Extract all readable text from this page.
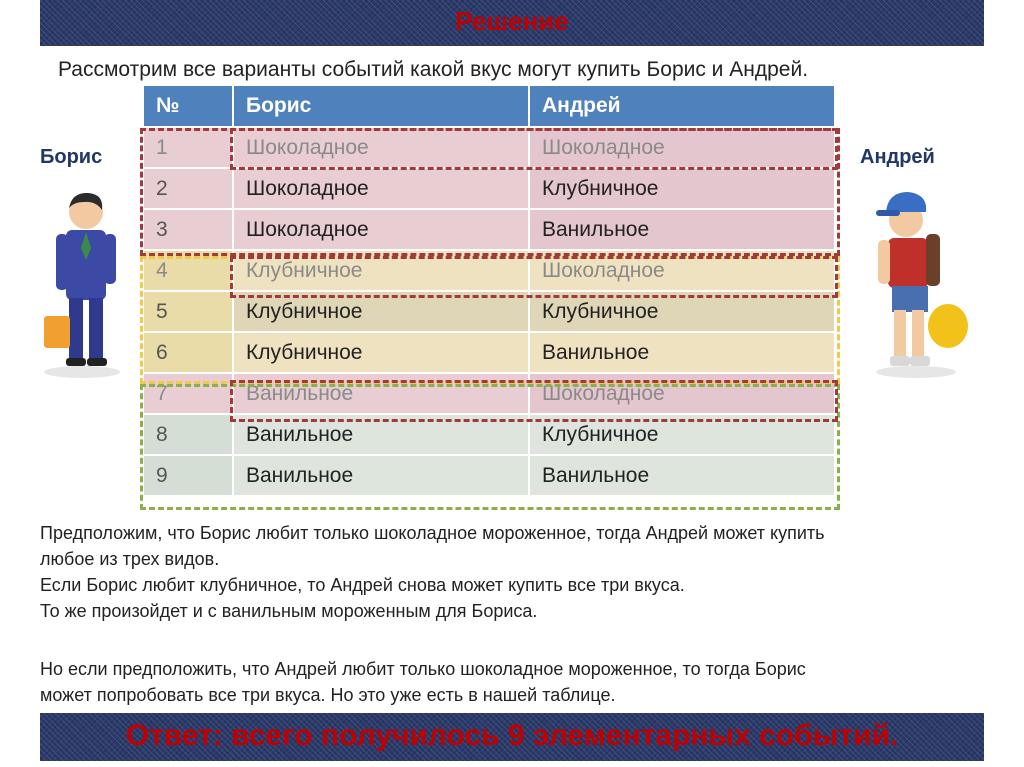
Решение
Рассмотрим все варианты событий какой вкус могут купить Борис и Андрей.
Борис	Андрей
№	Борис	Андрей
1	Шоколадное	Шоколадное
2	Шоколадное	Клубничное
3	Шоколадное	Ванильное
4	Клубничное	Шоколадное
5	Клубничное	Клубничное
6	Клубничное	Ванильное
7	Ванильное	Шоколадное
8	Ванильное	Клубничное
9	Ванильное	Ванильное
Предположим, что Борис любит только шоколадное мороженное, тогда Андрей может купить
любое из трех видов.
Если Борис любит клубничное, то Андрей снова может купить все три вкуса.
То же произойдет и с ванильным мороженным для Бориса.
Но если предположить, что Андрей любит только шоколадное мороженное, то тогда Борис
может попробовать все три вкуса. Но это уже есть в нашей таблице.
Ответ: всего получилось 9 элементарных событий.
